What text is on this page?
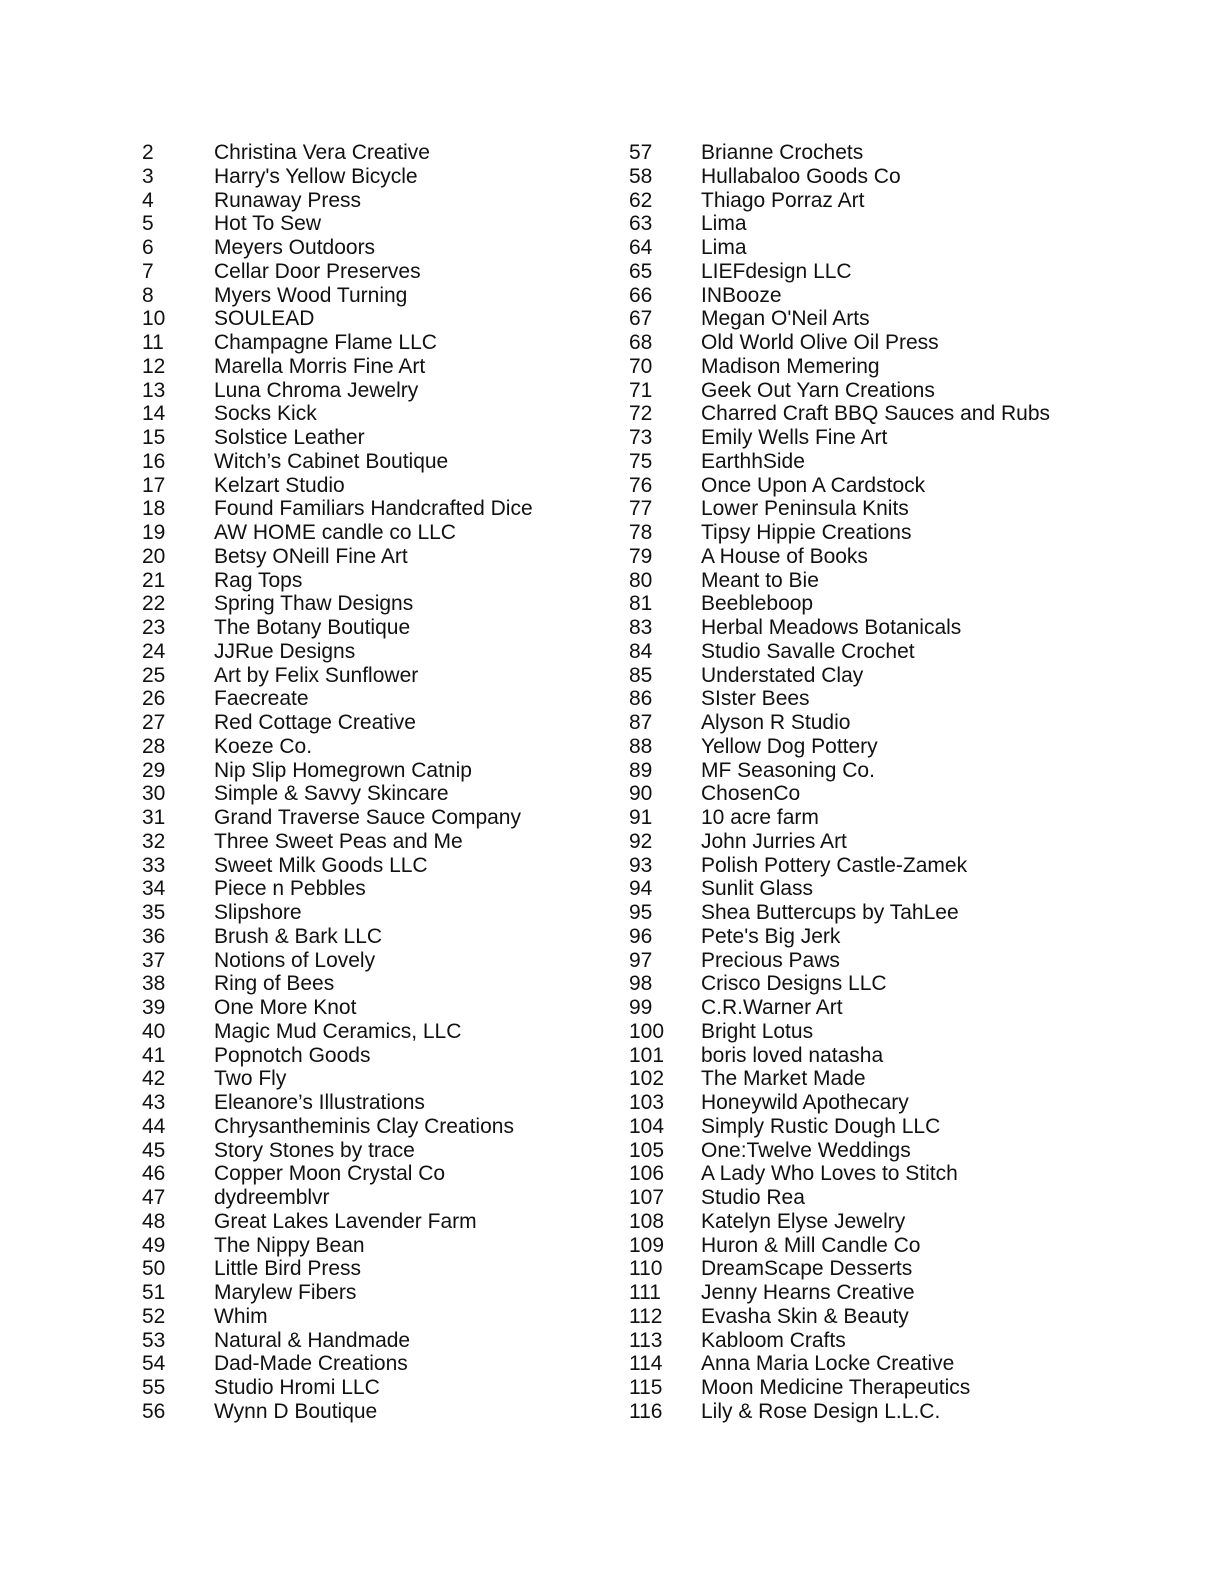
2	Christina Vera Creative
3	Harry's Yellow Bicycle
4	Runaway Press
5	Hot To Sew
6	Meyers Outdoors
7	Cellar Door Preserves
8	Myers Wood Turning
10 SOULEAD
11 Champagne Flame LLC
12 Marella Morris Fine Art
13 Luna Chroma Jewelry
14 Socks Kick
15 Solstice Leather
16 Witch’s Cabinet Boutique
17 Kelzart Studio
18 Found Familiars Handcrafted Dice
19 AW HOME candle co LLC
20 Betsy ONeill Fine Art
21 Rag Tops
22 Spring Thaw Designs
23 The Botany Boutique
24 JJRue Designs
25 Art by Felix Sunflower
26 Faecreate
27 Red Cottage Creative
28 Koeze Co.
29 Nip Slip Homegrown Catnip
30 Simple & Savvy Skincare
31 Grand Traverse Sauce Company
32 Three Sweet Peas and Me
33 Sweet Milk Goods LLC
34 Piece n Pebbles
35 Slipshore
36 Brush & Bark LLC
37 Notions of Lovely
38 Ring of Bees
39 One More Knot
40 Magic Mud Ceramics, LLC
41 Popnotch Goods
42 Two Fly
43 Eleanore’s Illustrations
44 Chrysantheminis Clay Creations
45 Story Stones by trace
46 Copper Moon Crystal Co
47 dydreemblvr
48 Great Lakes Lavender Farm
49 The Nippy Bean
50 Little Bird Press
51 Marylew Fibers
52 Whim
53 Natural & Handmade
54 Dad-Made Creations
55 Studio Hromi LLC
56 Wynn D Boutique
57 Brianne Crochets
58 Hullabaloo Goods Co
62 Thiago Porraz Art
63 Lima
64 Lima
65 LIEFdesign LLC
66 INBooze
67 Megan O'Neil Arts
68 Old World Olive Oil Press
70 Madison Memering
71 Geek Out Yarn Creations
72 Charred Craft BBQ Sauces and Rubs
73 Emily Wells Fine Art
75 EarthhSide
76 Once Upon A Cardstock
77 Lower Peninsula Knits
78 Tipsy Hippie Creations
79 A House of Books
80 Meant to Bie
81 Beebleboop
83 Herbal Meadows Botanicals
84 Studio Savalle Crochet
85 Understated Clay
86 SIster Bees
87 Alyson R Studio
88 Yellow Dog Pottery
89 MF Seasoning Co.
90 ChosenCo
91 10 acre farm
92 John Jurries Art
93 Polish Pottery Castle-Zamek
94 Sunlit Glass
95 Shea Buttercups by TahLee
96 Pete's Big Jerk
97 Precious Paws
98 Crisco Designs LLC
99 C.R.Warner Art
100 Bright Lotus
101 boris loved natasha
102 The Market Made
103 Honeywild Apothecary
104 Simply Rustic Dough LLC
105 One:Twelve Weddings
106 A Lady Who Loves to Stitch
107 Studio Rea
108 Katelyn Elyse Jewelry
109 Huron & Mill Candle Co
110 DreamScape Desserts
111 Jenny Hearns Creative
112 Evasha Skin & Beauty
113 Kabloom Crafts
114 Anna Maria Locke Creative
115 Moon Medicine Therapeutics
116 Lily & Rose Design L.L.C.
